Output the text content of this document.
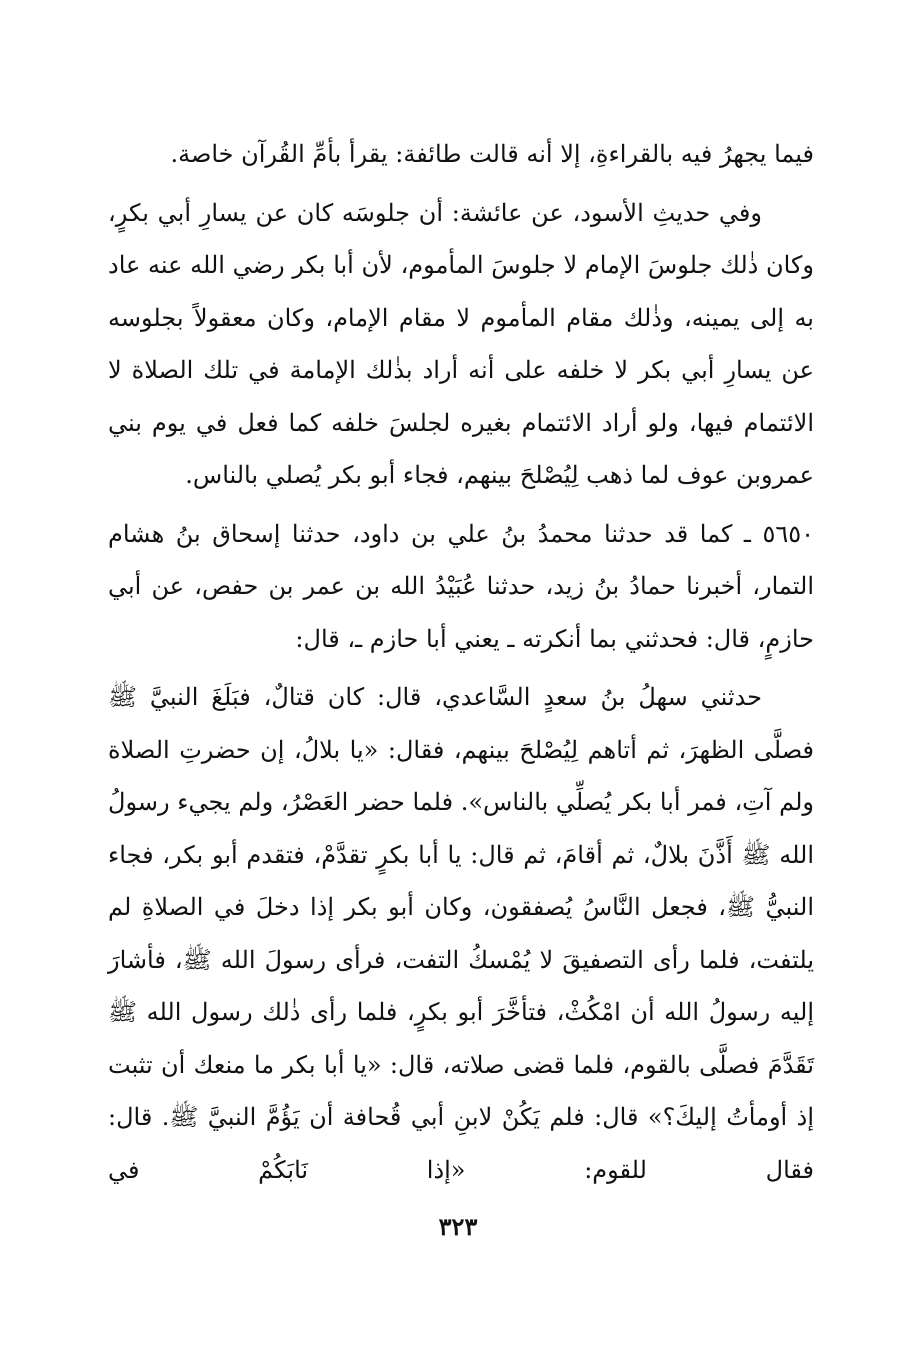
فيما يجهرُ فيه بالقراءةِ، إلا أنه قالت طائفة: يقرأ بأمِّ القُرآن خاصة.

وفي حديثِ الأسود، عن عائشة: أن جلوسَه كان عن يسارِ أبي بكرٍ، وكان ذٰلك جلوسَ الإمام لا جلوسَ المأموم، لأن أبا بكر رضي الله عنه عاد به إلى يمينه، وذٰلك مقام المأموم لا مقام الإمام، وكان معقولاً بجلوسه عن يسارِ أبي بكر لا خلفه على أنه أراد بذٰلك الإمامة في تلك الصلاة لا الائتمام فيها، ولو أراد الائتمام بغيره لجلسَ خلفه كما فعل في يوم بني عمروبن عوف لما ذهب لِيُصْلحَ بينهم، فجاء أبو بكر يُصلي بالناس.

٥٦٥٠ ـ كما قد حدثنا محمدُ بنُ علي بن داود، حدثنا إسحاق بنُ هشام التمار، أخبرنا حمادُ بنُ زيد، حدثنا عُبَيْدُ الله بن عمر بن حفص، عن أبي حازمٍ، قال: فحدثني بما أنكرته ـ يعني أبا حازم ـ، قال:

حدثني سهلُ بنُ سعدٍ السَّاعدي، قال: كان قتالٌ، فبَلَغَ النبيَّ ﷺ فصلَّى الظهرَ، ثم أتاهم لِيُصْلحَ بينهم، فقال: «يا بلالُ، إن حضرتِ الصلاة ولم آتِ، فمر أبا بكر يُصلِّي بالناس». فلما حضر العَصْرُ، ولم يجيء رسولُ الله ﷺ أَذَّنَ بلالٌ، ثم أقامَ، ثم قال: يا أبا بكرٍ تقدَّمْ، فتقدم أبو بكر، فجاء النبيُّ ﷺ، فجعل النَّاسُ يُصفقون، وكان أبو بكر إذا دخلَ في الصلاةِ لم يلتفت، فلما رأى التصفيقَ لا يُمْسكُ التفت، فرأى رسولَ الله ﷺ، فأشارَ إليه رسولُ الله أن امْكُثْ، فتأخَّرَ أبو بكرٍ، فلما رأى ذٰلك رسول الله ﷺ تَقَدَّمَ فصلَّى بالقوم، فلما قضى صلاته، قال: «يا أبا بكر ما منعك أن تثبت إذ أومأتُ إليكَ؟» قال: فلم يَكُنْ لابنِ أبي قُحافة أن يَؤُمَّ النبيَّ ﷺ. قال: فقال للقوم: «إذا نَابَكُمْ في

٣٢٣
